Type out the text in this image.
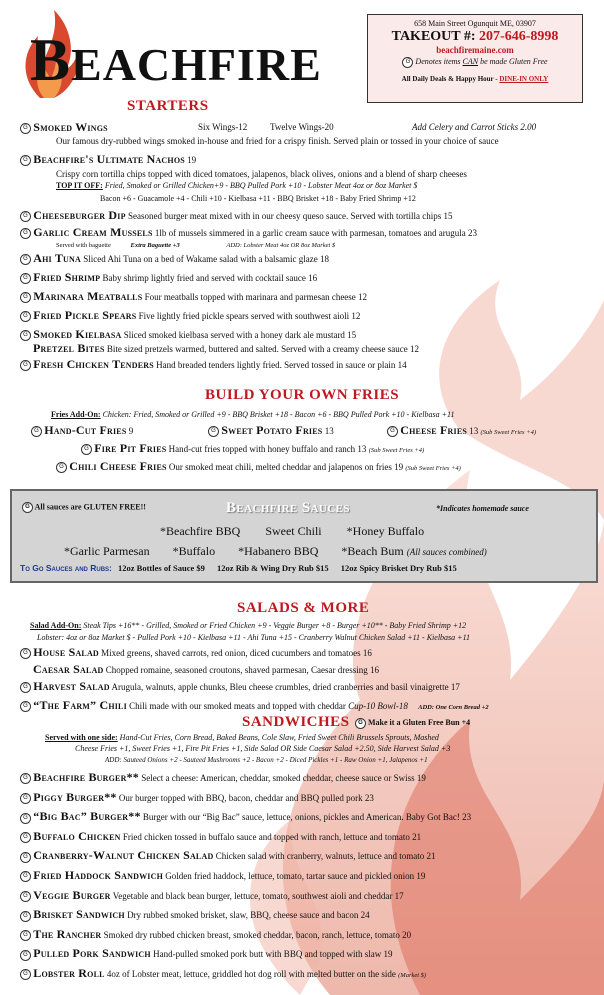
BEACHFIRE
658 Main Street Ogunquit ME, 03907
TAKEOUT #: 207-646-8998
beachfiremaine.com
G Denotes items CAN be made Gluten Free
All Daily Deals & Happy Hour - DINE-IN ONLY
STARTERS
G Smoked Wings	Six Wings-12	Twelve Wings-20	Add Celery and Carrot Sticks 2.00
Our famous dry-rubbed wings smoked in-house and fried for a crispy finish. Served plain or tossed in your choice of sauce
G Beachfire's Ultimate Nachos 19
Crispy corn tortilla chips topped with diced tomatoes, jalapenos, black olives, onions and a blend of sharp cheeses
TOP IT OFF: Fried, Smoked or Grilled Chicken+9 - BBQ Pulled Pork +10 - Lobster Meat 4oz or 8oz Market $
Bacon +6 - Guacamole +4 - Chili +10 - Kielbasa +11 - BBQ Brisket +18 - Baby Fried Shrimp +12
G Cheeseburger Dip Seasoned burger meat mixed with in our cheesy queso sauce. Served with tortilla chips 15
G Garlic Cream Mussels 1lb of mussels simmered in a garlic cream sauce with parmesan, tomatoes and arugula 23
Served with baguette	Extra Baguette +3	ADD: Lobster Meat 4oz OR 8oz Market $
G Ahi Tuna Sliced Ahi Tuna on a bed of Wakame salad with a balsamic glaze 18
G Fried Shrimp Baby shrimp lightly fried and served with cocktail sauce 16
G Marinara Meatballs Four meatballs topped with marinara and parmesan cheese 12
G Fried Pickle Spears Five lightly fried pickle spears served with southwest aioli 12
G Smoked Kielbasa Sliced smoked kielbasa served with a honey dark ale mustard 15
Pretzel Bites Bite sized pretzels warmed, buttered and salted. Served with a creamy cheese sauce 12
G Fresh Chicken Tenders Hand breaded tenders lightly fried. Served tossed in sauce or plain 14
BUILD YOUR OWN FRIES
Fries Add-On: Chicken: Fried, Smoked or Grilled +9 - BBQ Brisket +18 - Bacon +6 - BBQ Pulled Pork +10 - Kielbasa +11
G Hand-Cut Fries 9	G Sweet Potato Fries 13	G Cheese Fries 13 (Sub Sweet Fries +4)
G Fire Pit Fries Hand-cut fries topped with honey buffalo and ranch 13 (Sub Sweet Fries +4)
G Chili Cheese Fries Our smoked meat chili, melted cheddar and jalapenos on fries 19 (Sub Sweet Fries +4)
G All sauces are GLUTEN FREE!!	Beachfire Sauces	*Indicates homemade sauce
*Beachfire BBQ Sweet Chili *Honey Buffalo
*Garlic Parmesan *Buffalo *Habanero BBQ *Beach Bum (All sauces combined)
To Go Sauces and Rubs: 12oz Bottles of Sauce $9 12oz Rib & Wing Dry Rub $15 12oz Spicy Brisket Dry Rub $15
SALADS & MORE
Salad Add-On: Steak Tips +16** - Grilled, Smoked or Fried Chicken +9 - Veggie Burger +8 - Burger +10** - Baby Fried Shrimp +12
Lobster: 4oz or 8oz Market $ - Pulled Pork +10 - Kielbasa +11 - Ahi Tuna +15 - Cranberry Walnut Chicken Salad +11 - Kielbasa +11
G House Salad Mixed greens, shaved carrots, red onion, diced cucumbers and tomatoes 16
Caesar Salad Chopped romaine, seasoned croutons, shaved parmesan, Caesar dressing 16
G Harvest Salad Arugula, walnuts, apple chunks, Bleu cheese crumbles, dried cranberries and basil vinaigrette 17
G “The Farm” Chili Chili made with our smoked meats and topped with cheddar Cup-10 Bowl-18 ADD: One Corn Bread +2
SANDWICHES	G Make it a Gluten Free Bun +4
Served with one side: Hand-Cut Fries, Corn Bread, Baked Beans, Cole Slaw, Fried Sweet Chili Brussels Sprouts, Mashed
Cheese Fries +1, Sweet Fries +1, Fire Pit Fries +1, Side Salad OR Side Caesar Salad +2.50, Side Harvest Salad +3
ADD: Sauteed Onions +2 - Sauteed Mushrooms +2 - Bacon +2 - Diced Pickles +1 - Raw Onion +1, Jalapenos +1
G Beachfire Burger** Select a cheese: American, cheddar, smoked cheddar, cheese sauce or Swiss 19
G Piggy Burger** Our burger topped with BBQ, bacon, cheddar and BBQ pulled pork 23
G “Big Bac” Burger** Burger with our “Big Bac” sauce, lettuce, onions, pickles and American. Baby Got Bac! 23
G Buffalo Chicken Fried chicken tossed in buffalo sauce and topped with ranch, lettuce and tomato 21
G Cranberry-Walnut Chicken Salad Chicken salad with cranberry, walnuts, lettuce and tomato 21
G Fried Haddock Sandwich Golden fried haddock, lettuce, tomato, tartar sauce and pickled onion 19
G Veggie Burger Vegetable and black bean burger, lettuce, tomato, southwest aioli and cheddar 17
G Brisket Sandwich Dry rubbed smoked brisket, slaw, BBQ, cheese sauce and bacon 24
G The Rancher Smoked dry rubbed chicken breast, smoked cheddar, bacon, ranch, lettuce, tomato 20
G Pulled Pork Sandwich Hand-pulled smoked pork butt with BBQ and topped with slaw 19
G Lobster Roll 4oz of Lobster meat, lettuce, griddled hot dog roll with melted butter on the side (Market $)
